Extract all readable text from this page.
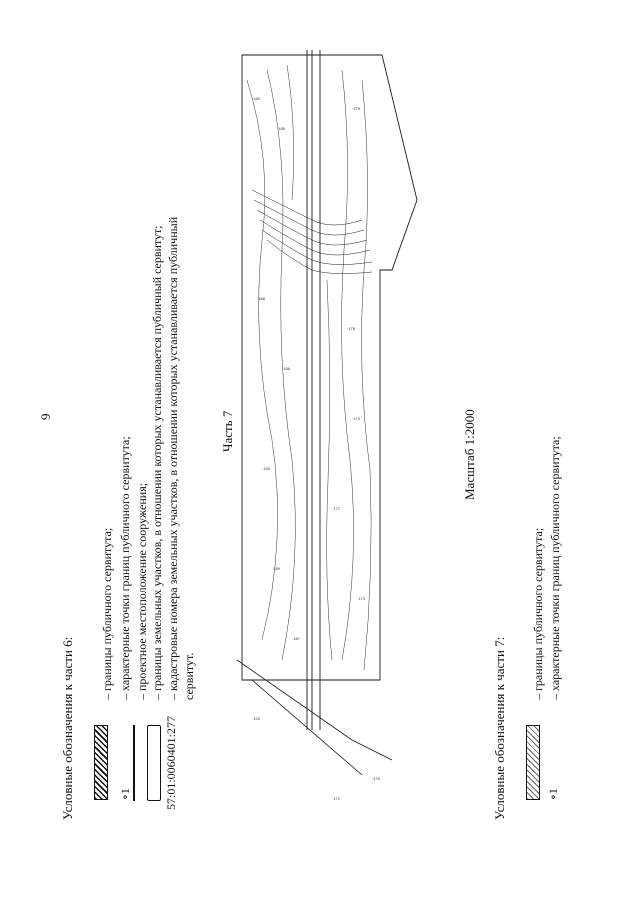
9
Условные обозначения к части 6:	∘1	57:01:0060401:277
– границы публичного сервитута; – характерные точки границ публичного сервитута; – проектное местоположение сооружения; – границы земельных участков, в отношении которых устанавливается публичный сервитут; – кадастровые номера земельных участков, в отношении которых устанавливается публичный сервитут.
Часть 7
·182
·185
·179
·188
·176
·186
·174
·190
·177
·189
·173
·187
·192
·170
·171
Масштаб 1:2000
Условные обозначения к части 7:	∘1
– границы публичного сервитута; – характерные точки границ публичного сервитута;
